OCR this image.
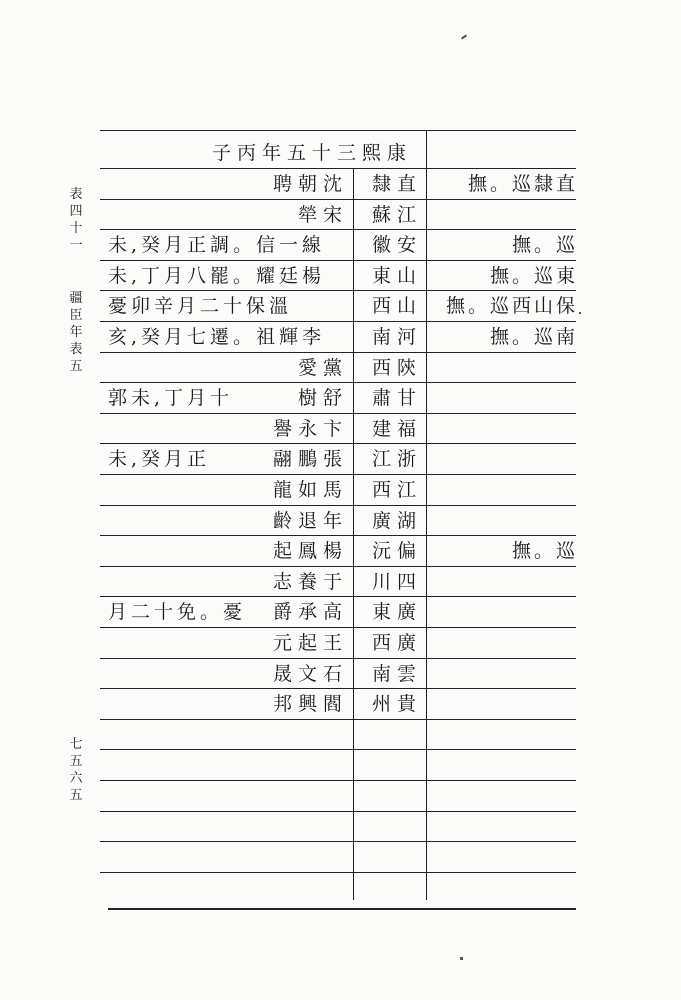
表
四
十
一
疆
臣
年
表
五
七
五
六
五
子丙年五十三熙康
聘朝沈	隸直	撫。巡隸直
犖宋	蘇江
未,癸月正調。信一線	徽安	撫。巡
未,丁月八罷。耀廷楊	東山	撫。巡東
憂卯辛月二十保溫	西山	撫。巡西山保
亥,癸月七遷。祖輝李	南河	撫。巡南
愛黨	西陝
郭未,丁月十	樹舒	肅甘
譽永卞	建福
未,癸月正	翮鵬張	江浙
龍如馬	西江
齡退年	廣湖
起鳳楊	沅偏	撫。巡
志養于	川四
月二十免。憂	爵承高	東廣
元起王	西廣
晟文石	南雲
邦興閻	州貴
